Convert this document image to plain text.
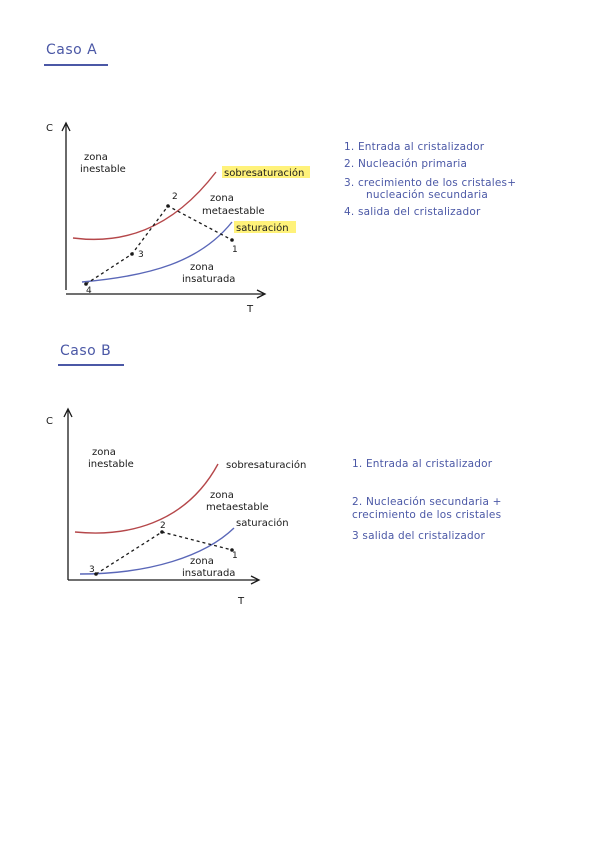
Caso A
C
T
1
2
3
4
zona
inestable
zona
metaestable
zona
insaturada
sobresaturación
saturación
1. Entrada al cristalizador
2. Nucleación primaria
3. crecimiento de los cristales+
nucleación secundaria
4. salida del cristalizador
Caso B
C
T
1
2
3
zona
inestable
zona
metaestable
zona
insaturada
sobresaturación
saturación
1. Entrada al cristalizador
2. Nucleación secundaria +
crecimiento de los cristales
3 salida del cristalizador
